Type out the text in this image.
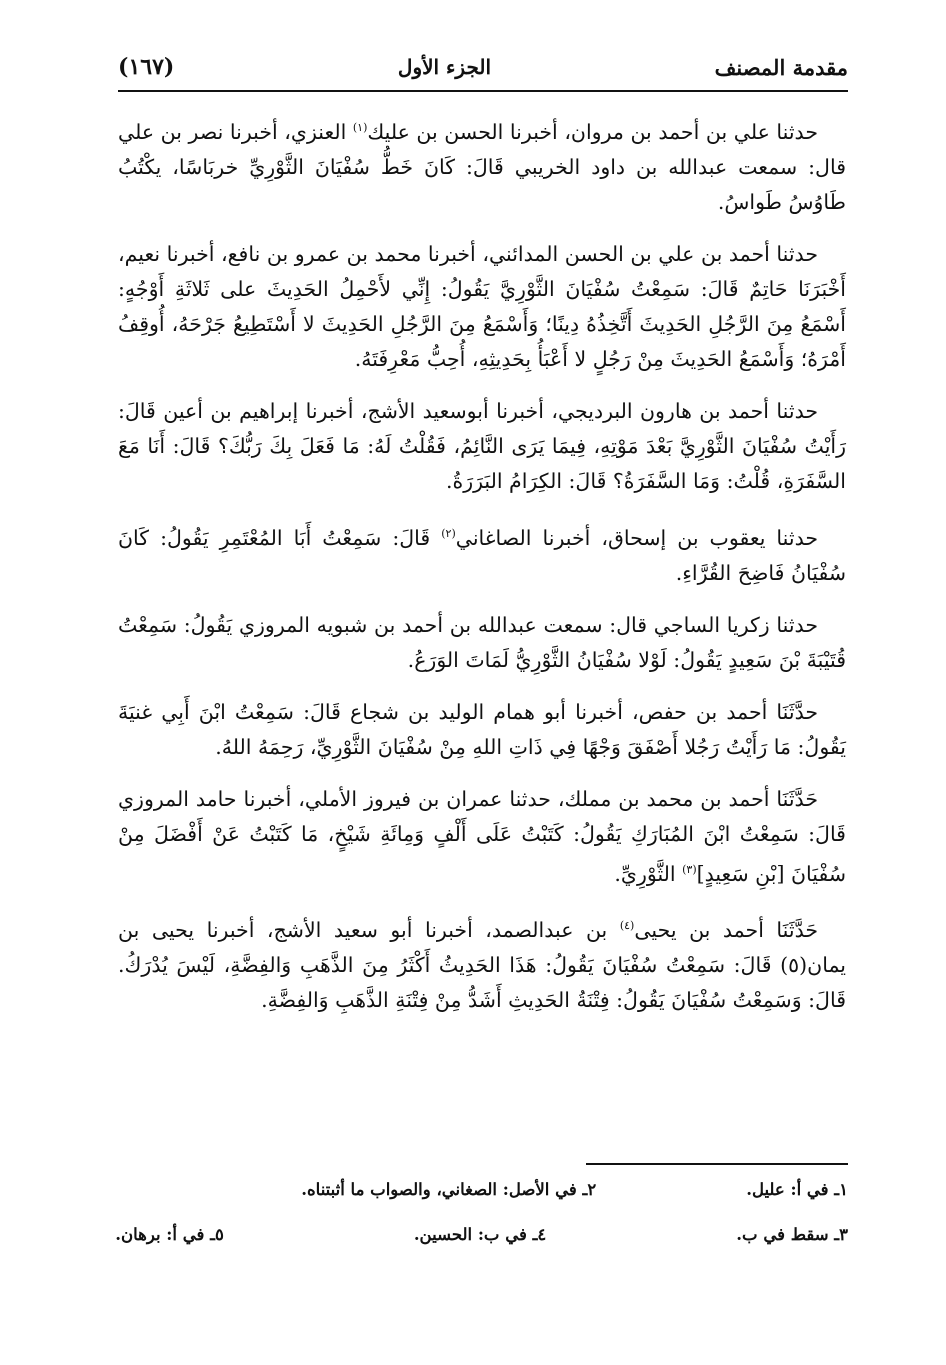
مقدمة المصنف
الجزء الأول
(١٦٧)

حدثنا علي بن أحمد بن مروان، أخبرنا الحسن بن عليك$^{(١)}$ العنزي، أخبرنا نصر بن علي قال: سمعت عبدالله بن داود الخريبي قَالَ: كَانَ خَطُّ سُفْيَانَ الثَّوْرِيِّ خربَاسًا، يكْتُبُ طَاوُسُ طَواسُ.

حدثنا أحمد بن علي بن الحسن المدائني، أخبرنا محمد بن عمرو بن نافع، أخبرنا نعيم، أَخْبَرَنَا حَاتِمٌ قَالَ: سَمِعْتُ سُفْيَانَ الثَّوْرِيَّ يَقُولُ: إِنِّي لأَحْمِلُ الحَدِيثَ على ثَلاثَةِ أَوْجُهٍ: أَسْمَعُ مِنَ الرَّجُلِ الحَدِيثَ أَتَّخِذُهُ دِينًا؛ وَأَسْمَعُ مِنَ الرَّجُلِ الحَدِيثَ لا أَسْتَطِيعُ جَرْحَهُ، أُوقِفُ أَمْرَهُ؛ وَأَسْمَعُ الحَدِيثَ مِنْ رَجُلٍ لا أَعْبَأُ بِحَدِيثِهِ، أُحِبُّ مَعْرِفَتَهُ.

حدثنا أحمد بن هارون البرديجي، أخبرنا أبوسعيد الأشج، أخبرنا إبراهيم بن أعين قَالَ: رَأَيْتُ سُفْيَانَ الثَّوْرِيَّ بَعْدَ مَوْتِهِ، فِيمَا يَرَى النَّائِمُ، فَقُلْتُ لَهُ: مَا فَعَلَ بِكَ رَبُّكَ؟ قَالَ: أَنَا مَعَ السَّفَرَةِ، قُلْتُ: وَمَا السَّفَرَةُ؟ قَالَ: الكِرَامُ البَرَرَةُ.

حدثنا يعقوب بن إسحاق، أخبرنا الصاغاني$^{(٢)}$ قَالَ: سَمِعْتُ أَبَا المُعْتَمِرِ يَقُولُ: كَانَ سُفْيَانُ فَاضِحَ القُرَّاءِ.

حدثنا زكريا الساجي قال: سمعت عبدالله بن أحمد بن شبويه المروزي يَقُولُ: سَمِعْتُ قُتَيْبَةَ بْنَ سَعِيدٍ يَقُولُ: لَوْلا سُفْيَانُ الثَّوْرِيُّ لَمَاتَ الوَرَعُ.

حدَّثَنَا أحمد بن حفص، أخبرنا أبو همام الوليد بن شجاع قَالَ: سَمِعْتُ ابْنَ أَبِي غنيَةَ يَقُولُ: مَا رَأَيْتُ رَجُلا أَصْفَقَ وَجْهًا فِي ذَاتِ اللهِ مِنْ سُفْيَانَ الثَّوْرِيِّ، رَحِمَهُ اللهُ.

حَدَّثَنَا أحمد بن محمد بن مملك، حدثنا عمران بن فيروز الأملي، أخبرنا حامد المروزي قَالَ: سَمِعْتُ ابْنَ المُبَارَكِ يَقُولُ: كَتَبْتُ عَلَى أَلْفٍ وَمِائَةِ شَيْخٍ، مَا كَتَبْتُ عَنْ أَفْضَلَ مِنْ سُفْيَانَ [بْنِ سَعِيدٍ]$^{(٣)}$ الثَّوْرِيِّ.

حَدَّثَنَا أحمد بن يحيى$^{(٤)}$ بن عبدالصمد، أخبرنا أبو سعيد الأشج، أخبرنا يحيى بن يمان(٥) قَالَ: سَمِعْتُ سُفْيَانَ يَقُولُ: هَذَا الحَدِيثُ أَكْثَرُ مِنَ الذَّهَبِ وَالفِضَّةِ، لَيْسَ يُدْرَكُ. قَالَ: وَسَمِعْتُ سُفْيَانَ يَقُولُ: فِتْنَةُ الحَدِيثِ أَشَدُّ مِنْ فِتْنَةِ الذَّهَبِ وَالفِضَّةِ.

١ـ في أ: عليل.
٢ـ في الأصل: الصغاني، والصواب ما أثبتناه.
٣ـ سقط في ب.
٤ـ في ب: الحسين.
٥ـ في أ: برهان.
